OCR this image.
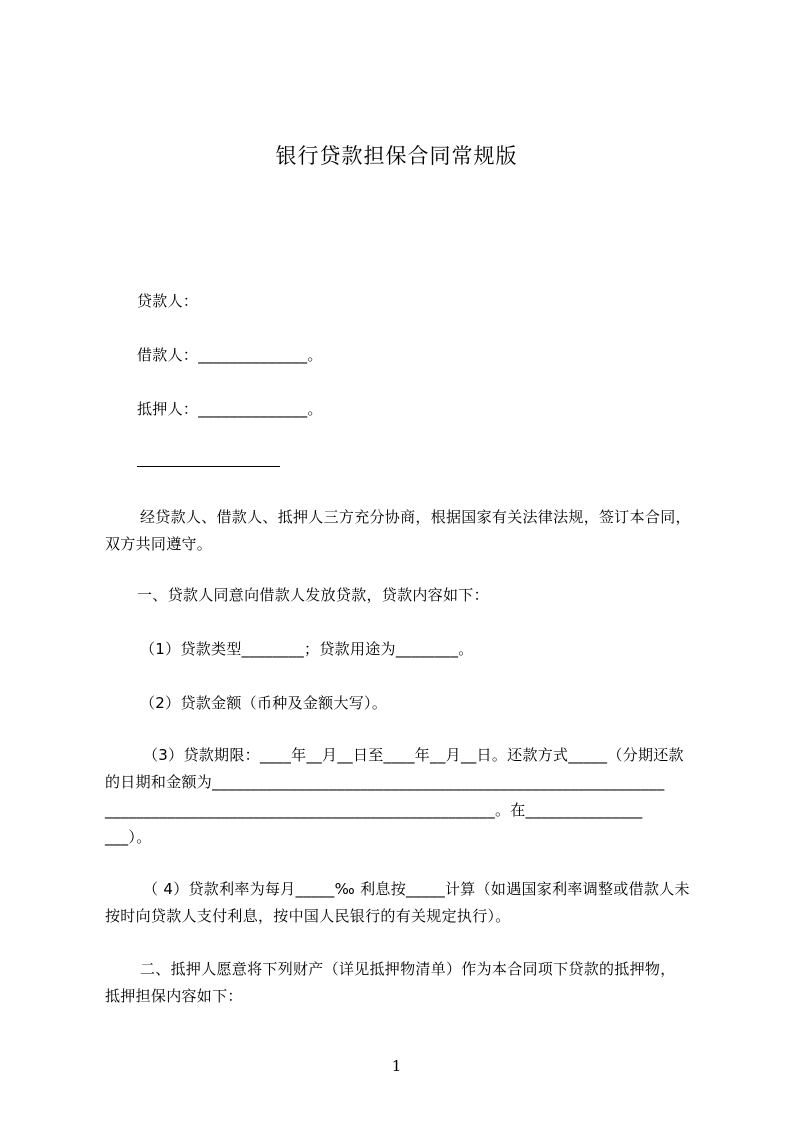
银行贷款担保合同常规版
贷款人：
借款人：______________。
抵押人：______________。
经贷款人、借款人、抵押人三方充分协商，根据国家有关法律法规，签订本合同，
双方共同遵守。
一、贷款人同意向借款人发放贷款，贷款内容如下：
（1）贷款类型________；贷款用途为________。
（2）贷款金额（币种及金额大写）。
（3）贷款期限：____年__月__日至____年__月__日。还款方式_____（分期还款
的日期和金额为__________________________________________________________
__________________________________________________。在_______________
___）。
（ 4）贷款利率为每月_____‰ 利息按_____计算（如遇国家利率调整或借款人未
按时向贷款人支付利息，按中国人民银行的有关规定执行）。
二、抵押人愿意将下列财产（详见抵押物清单）作为本合同项下贷款的抵押物，
抵押担保内容如下：
1
